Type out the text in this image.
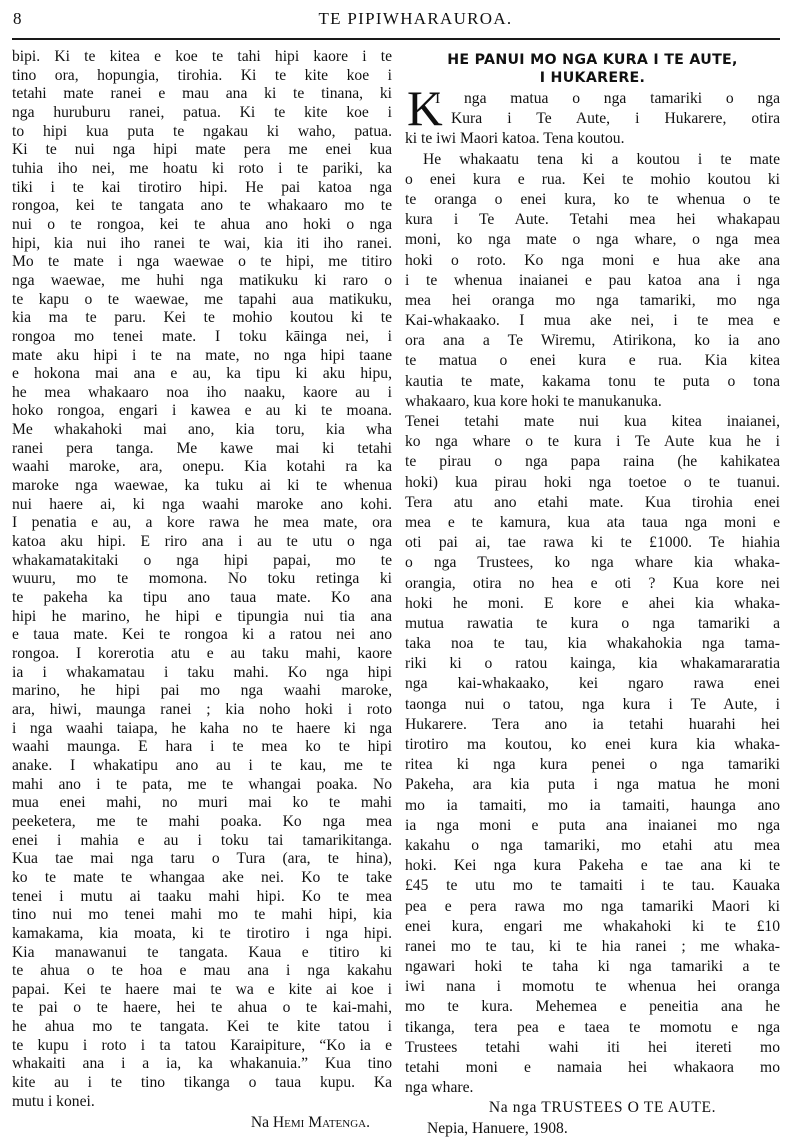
8	TE PIPIWHARAUROA.
bipi. Ki te kitea e koe te tahi hipi kaore i te
tino ora, hopungia, tirohia. Ki te kite koe i
tetahi mate ranei e mau ana ki te tinana, ki
nga huruburu ranei, patua. Ki te kite koe i
to hipi kua puta te ngakau ki waho, patua.
Ki te nui nga hipi mate pera me enei kua
tuhia iho nei, me hoatu ki roto i te pariki, ka
tiki i te kai tirotiro hipi. He pai katoa nga
rongoa, kei te tangata ano te whakaaro mo te
nui o te rongoa, kei te ahua ano hoki o nga
hipi, kia nui iho ranei te wai, kia iti iho ranei.
Mo te mate i nga waewae o te hipi, me titiro
nga waewae, me huhi nga matikuku ki raro o
te kapu o te waewae, me tapahi aua matikuku,
kia ma te paru. Kei te mohio koutou ki te
rongoa mo tenei mate. I toku kāinga nei, i
mate aku hipi i te na mate, no nga hipi taane
e hokona mai ana e au, ka tipu ki aku hipu,
he mea whakaaro noa iho naaku, kaore au i
hoko rongoa, engari i kawea e au ki te moana.
Me whakahoki mai ano, kia toru, kia wha
ranei pera tanga. Me kawe mai ki tetahi
waahi maroke, ara, onepu. Kia kotahi ra ka
maroke nga waewae, ka tuku ai ki te whenua
nui haere ai, ki nga waahi maroke ano kohi.
I penatia e au, a kore rawa he mea mate, ora
katoa aku hipi. E riro ana i au te utu o nga
whakamatakitaki o nga hipi papai, mo te
wuuru, mo te momona. No toku retinga ki
te pakeha ka tipu ano taua mate. Ko ana
hipi he marino, he hipi e tipungia nui tia ana
e taua mate. Kei te rongoa ki a ratou nei ano
rongoa. I korerotia atu e au taku mahi, kaore
ia i whakamatau i taku mahi. Ko nga hipi
marino, he hipi pai mo nga waahi maroke,
ara, hiwi, maunga ranei ; kia noho hoki i roto
i nga waahi taiapa, he kaha no te haere ki nga
waahi maunga. E hara i te mea ko te hipi
anake. I whakatipu ano au i te kau, me te
mahi ano i te pata, me te whangai poaka. No
mua enei mahi, no muri mai ko te mahi
peeketera, me te mahi poaka. Ko nga mea
enei i mahia e au i toku tai tamarikitanga.
Kua tae mai nga taru o Tura (ara, te hina),
ko te mate te whangaa ake nei. Ko te take
tenei i mutu ai taaku mahi hipi. Ko te mea
tino nui mo tenei mahi mo te mahi hipi, kia
kamakama, kia moata, ki te tirotiro i nga hipi.
Kia manawanui te tangata. Kaua e titiro ki
te ahua o te hoa e mau ana i nga kakahu
papai. Kei te haere mai te wa e kite ai koe i
te pai o te haere, hei te ahua o te kai-mahi,
he ahua mo te tangata. Kei te kite tatou i
te kupu i roto i ta tatou Karaipiture, “Ko ia e
whakaiti ana i a ia, ka whakanuia.” Kua tino
kite au i te tino tikanga o taua kupu. Ka
mutu i konei.
Na Hemi Matenga.
HE PANUI MO NGA KURA I TE AUTE,
I HUKARERE.
K
I nga matua o nga tamariki o nga
Kura i Te Aute, i Hukarere, otira
ki te iwi Maori katoa. Tena koutou.
He whakaatu tena ki a koutou i te mate
o enei kura e rua. Kei te mohio koutou ki
te oranga o enei kura, ko te whenua o te
kura i Te Aute. Tetahi mea hei whakapau
moni, ko nga mate o nga whare, o nga mea
hoki o roto. Ko nga moni e hua ake ana
i te whenua inaianei e pau katoa ana i nga
mea hei oranga mo nga tamariki, mo nga
Kai-whakaako. I mua ake nei, i te mea e
ora ana a Te Wiremu, Atirikona, ko ia ano
te matua o enei kura e rua. Kia kitea
kautia te mate, kakama tonu te puta o tona
whakaaro, kua kore hoki te manukanuka.
Tenei tetahi mate nui kua kitea inaianei,
ko nga whare o te kura i Te Aute kua he i
te pirau o nga papa raina (he kahikatea
hoki) kua pirau hoki nga toetoe o te tuanui.
Tera atu ano etahi mate. Kua tirohia enei
mea e te kamura, kua ata taua nga moni e
oti pai ai, tae rawa ki te £1000. Te hiahia
o nga Trustees, ko nga whare kia whaka-
orangia, otira no hea e oti ? Kua kore nei
hoki he moni. E kore e ahei kia whaka-
mutua rawatia te kura o nga tamariki a
taka noa te tau, kia whakahokia nga tama-
riki ki o ratou kainga, kia whakamararatia
nga kai-whakaako, kei ngaro rawa enei
taonga nui o tatou, nga kura i Te Aute, i
Hukarere. Tera ano ia tetahi huarahi hei
tirotiro ma koutou, ko enei kura kia whaka-
ritea ki nga kura penei o nga tamariki
Pakeha, ara kia puta i nga matua he moni
mo ia tamaiti, mo ia tamaiti, haunga ano
ia nga moni e puta ana inaianei mo nga
kakahu o nga tamariki, mo etahi atu mea
hoki. Kei nga kura Pakeha e tae ana ki te
£45 te utu mo te tamaiti i te tau. Kauaka
pea e pera rawa mo nga tamariki Maori ki
enei kura, engari me whakahoki ki te £10
ranei mo te tau, ki te hia ranei ; me whaka-
ngawari hoki te taha ki nga tamariki a te
iwi nana i momotu te whenua hei oranga
mo te kura. Mehemea e peneitia ana he
tikanga, tera pea e taea te momotu e nga
Trustees tetahi wahi iti hei itereti mo
tetahi moni e namaia hei whakaora mo
nga whare.
Na nga TRUSTEES O TE AUTE.
Nepia, Hanuere, 1908.
